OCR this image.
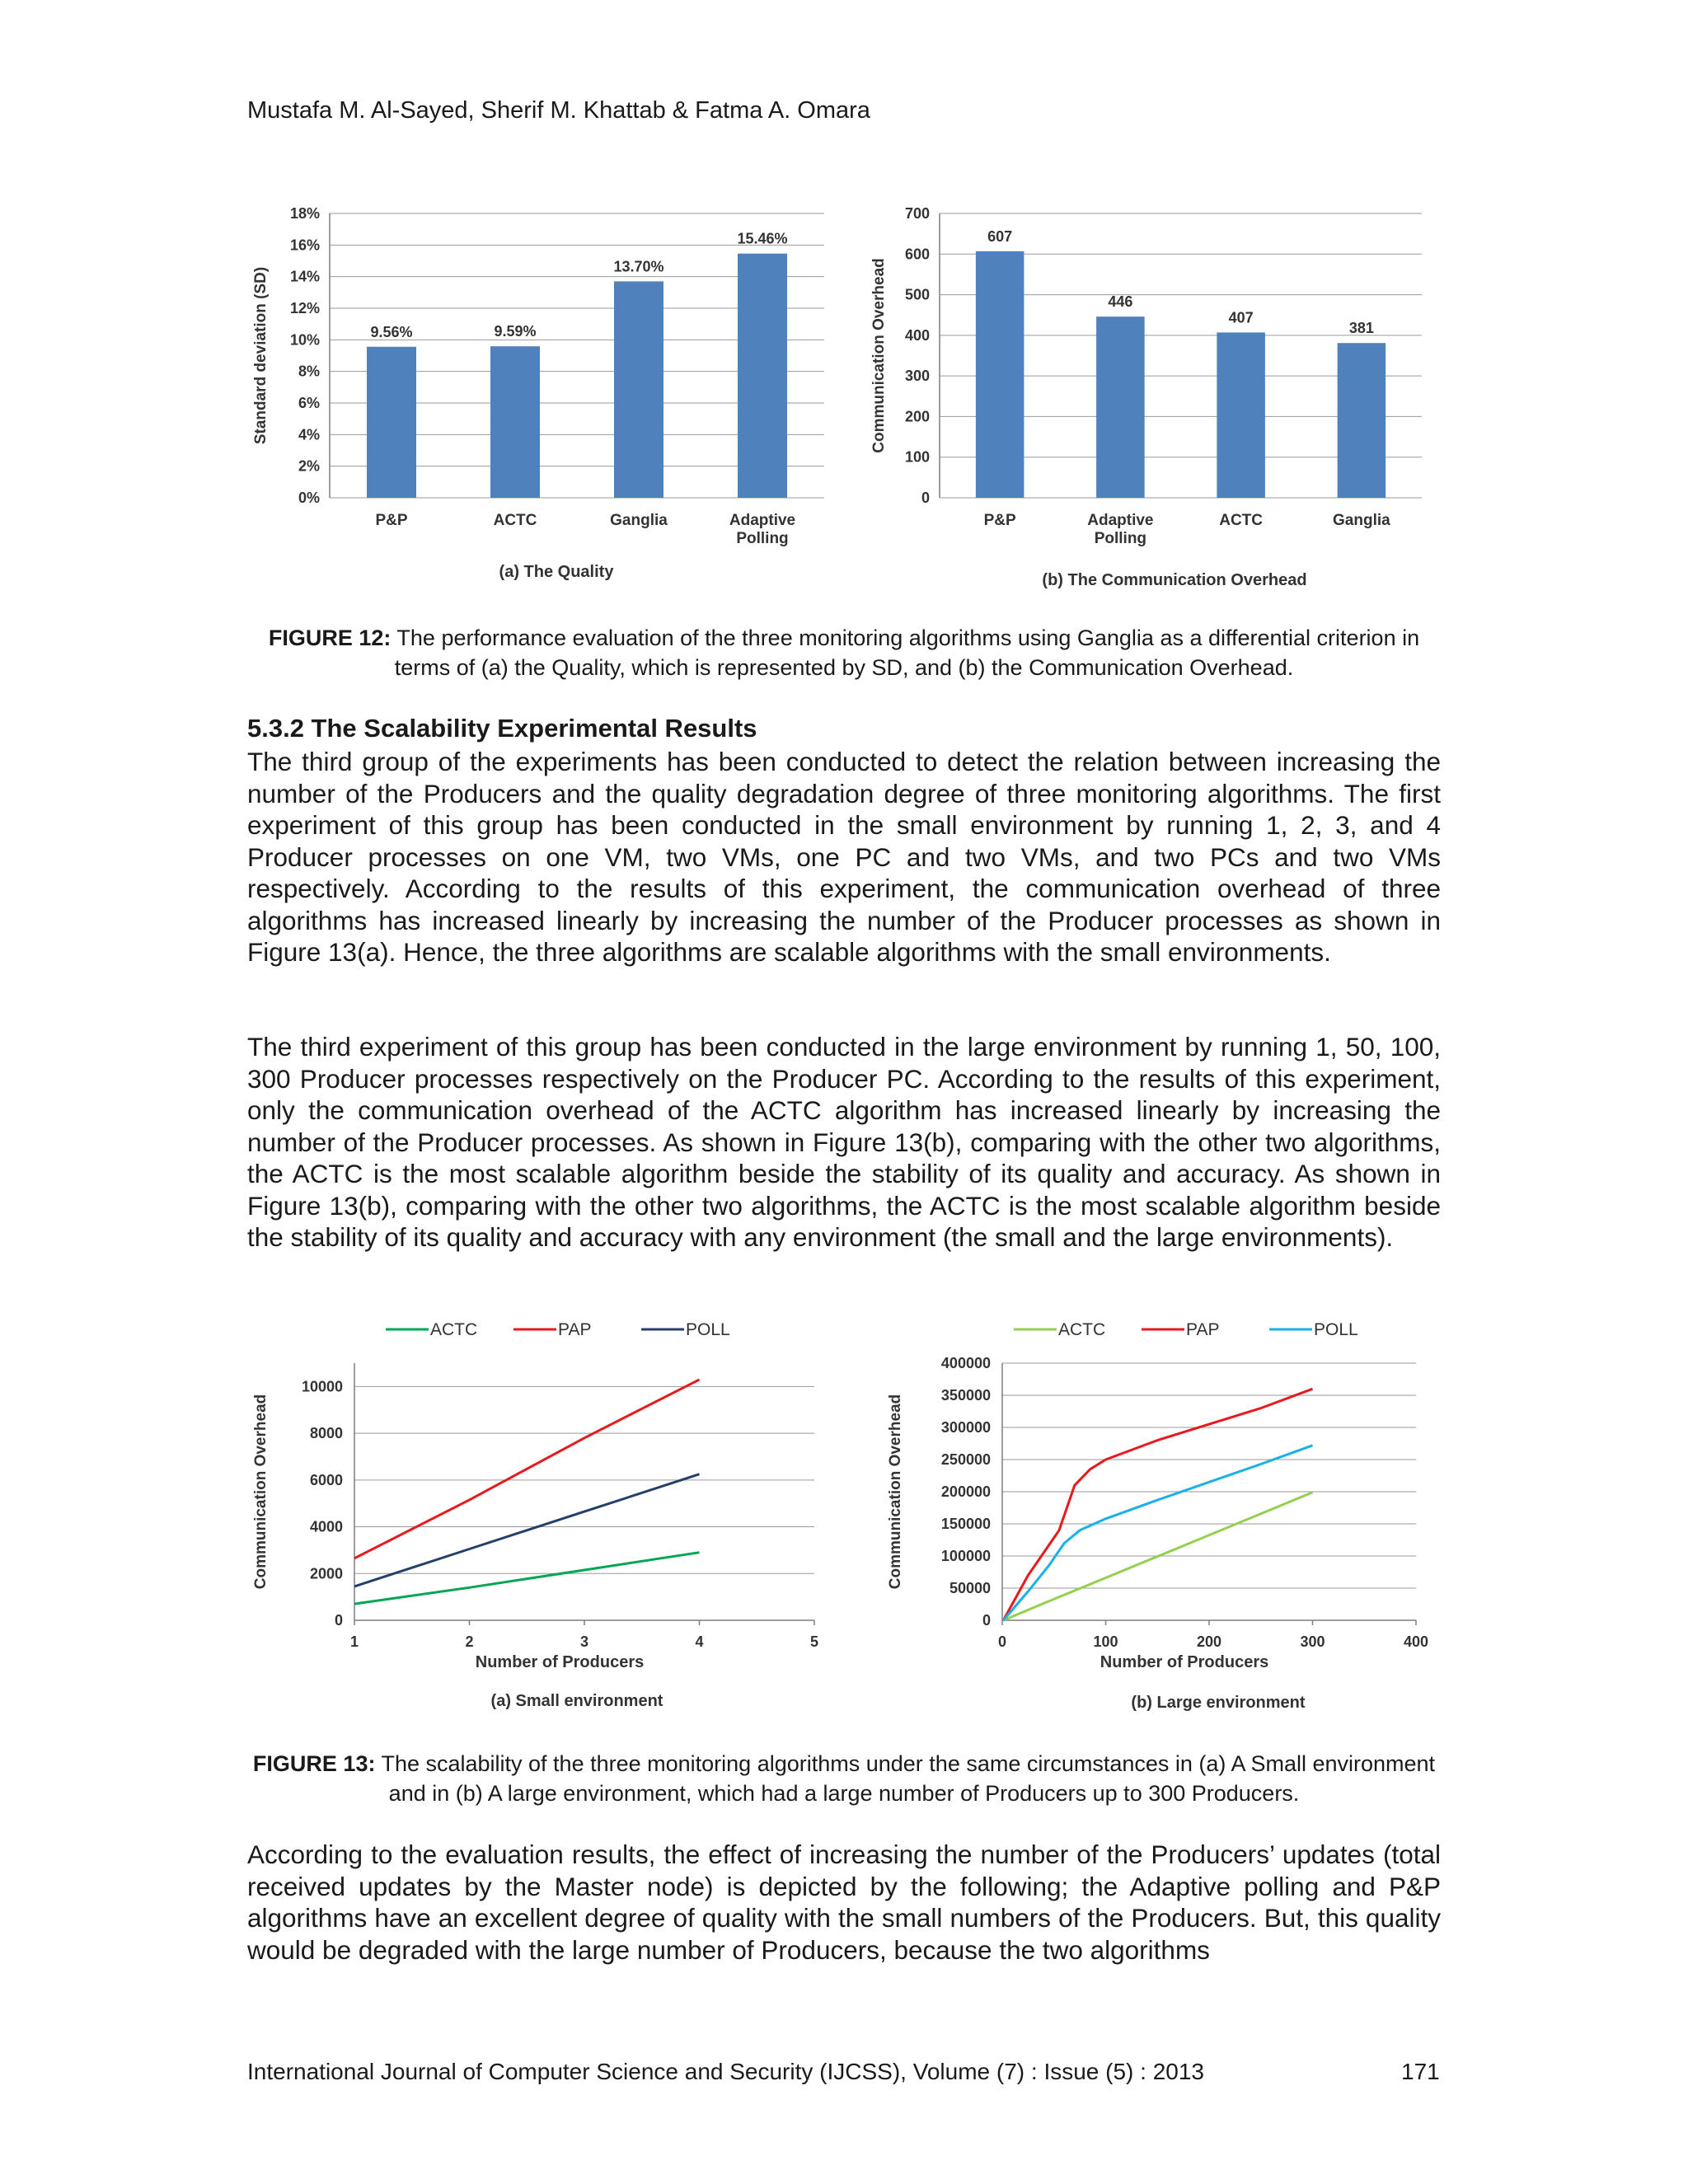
Mustafa M. Al-Sayed, Sherif M. Khattab & Fatma A. Omara
0%
2%
4%
6%
8%
10%
12%
14%
16%
18%
9.56%
P&P
9.59%
ACTC
13.70%
Ganglia
15.46%
Adaptive
Polling
Standard deviation (SD)
(a) The Quality
0
100
200
300
400
500
600
700
607
P&P
446
Adaptive
Polling
407
ACTC
381
Ganglia
Communication Overhead
(b) The Communication Overhead
FIGURE 12: The performance evaluation of the three monitoring algorithms using Ganglia as a differential criterion in terms of (a) the Quality, which is represented by SD, and (b) the Communication Overhead.
5.3.2 The Scalability Experimental Results
The third group of the experiments has been conducted to detect the relation between increasing the number of the Producers and the quality degradation degree of three monitoring algorithms. The first experiment of this group has been conducted in the small environment by running 1, 2, 3, and 4 Producer processes on one VM, two VMs, one PC and two VMs, and two PCs and two VMs respectively. According to the results of this experiment, the communication overhead of three algorithms has increased linearly by increasing the number of the Producer processes as shown in Figure 13(a). Hence, the three algorithms are scalable algorithms with the small environments.
The third experiment of this group has been conducted in the large environment by running 1, 50, 100, 300 Producer processes respectively on the Producer PC. According to the results of this experiment, only the communication overhead of the ACTC algorithm has increased linearly by increasing the number of the Producer processes. As shown in Figure 13(b), comparing with the other two algorithms, the ACTC is the most scalable algorithm beside the stability of its quality and accuracy. As shown in Figure 13(b), comparing with the other two algorithms, the ACTC is the most scalable algorithm beside the stability of its quality and accuracy with any environment (the small and the large environments).
0
2000
4000
6000
8000
10000
1	2	3	4	5
ACTC	PAP	POLL
Number of Producers
Communication Overhead
(a) Small environment
0
50000
100000
150000
200000
250000
300000
350000
400000
0	100	200	300	400
ACTC	PAP	POLL
Number of Producers
Communication Overhead
(b) Large environment
FIGURE 13: The scalability of the three monitoring algorithms under the same circumstances in (a) A Small environment and in (b) A large environment, which had a large number of Producers up to 300 Producers.
According to the evaluation results, the effect of increasing the number of the Producers’ updates (total received updates by the Master node) is depicted by the following; the Adaptive polling and P&P algorithms have an excellent degree of quality with the small numbers of the Producers. But, this quality would be degraded with the large number of Producers, because the two algorithms
International Journal of Computer Science and Security (IJCSS), Volume (7) : Issue (5) : 2013	171
